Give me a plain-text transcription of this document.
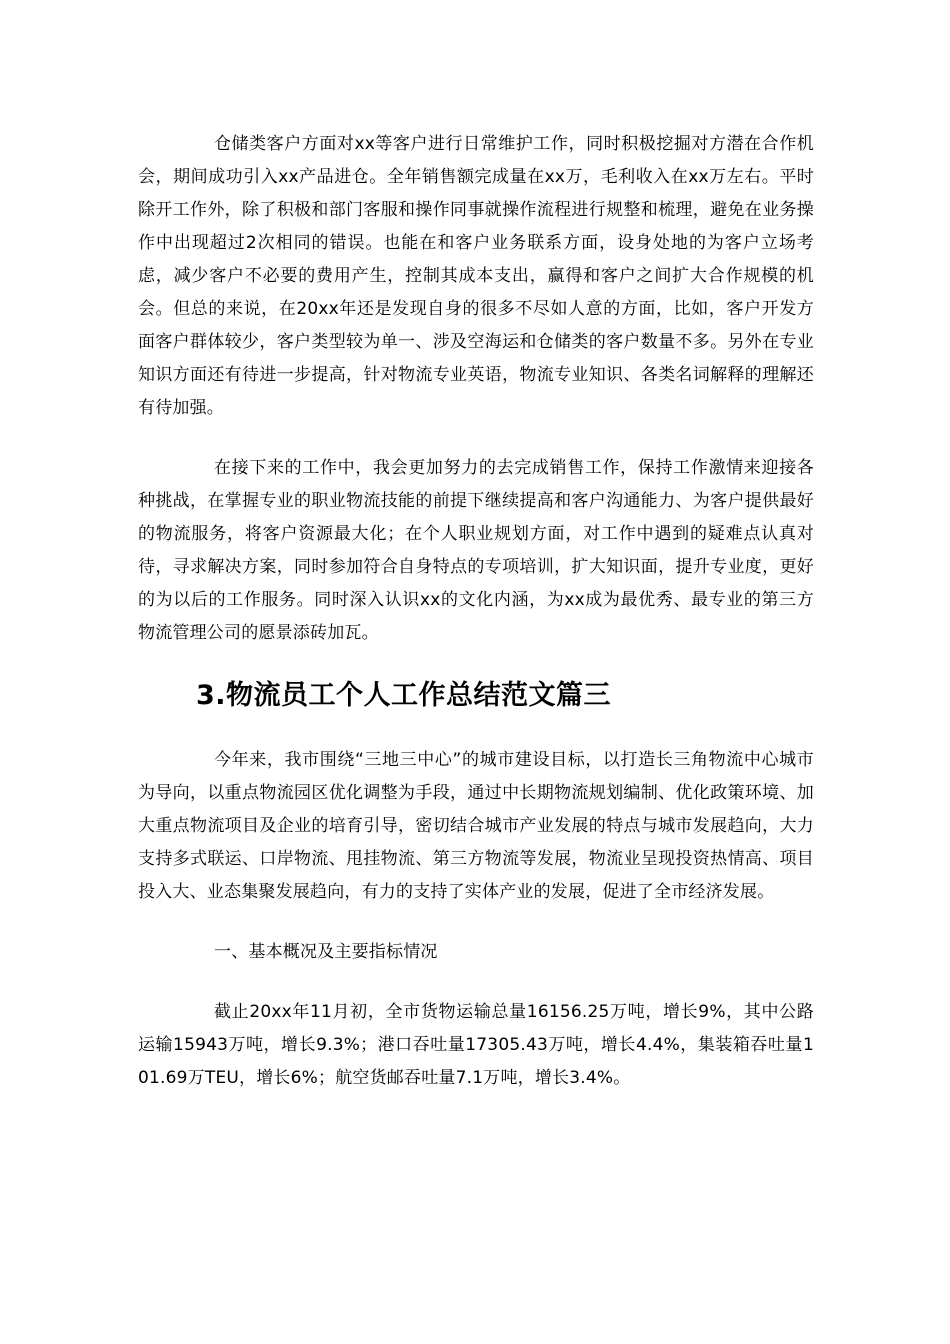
仓储类客户方面对xx等客户进行日常维护工作，同时积极挖掘对方潜在合作机会，期间成功引入xx产品进仓。全年销售额完成量在xx万，毛利收入在xx万左右。平时除开工作外，除了积极和部门客服和操作同事就操作流程进行规整和梳理，避免在业务操作中出现超过2次相同的错误。也能在和客户业务联系方面，设身处地的为客户立场考虑，减少客户不必要的费用产生，控制其成本支出，赢得和客户之间扩大合作规模的机会。但总的来说，在20xx年还是发现自身的很多不尽如人意的方面，比如，客户开发方面客户群体较少，客户类型较为单一、涉及空海运和仓储类的客户数量不多。另外在专业知识方面还有待进一步提高，针对物流专业英语，物流专业知识、各类名词解释的理解还有待加强。

在接下来的工作中，我会更加努力的去完成销售工作，保持工作激情来迎接各种挑战，在掌握专业的职业物流技能的前提下继续提高和客户沟通能力、为客户提供最好的物流服务，将客户资源最大化；在个人职业规划方面，对工作中遇到的疑难点认真对待，寻求解决方案，同时参加符合自身特点的专项培训，扩大知识面，提升专业度，更好的为以后的工作服务。同时深入认识xx的文化内涵，为xx成为最优秀、最专业的第三方物流管理公司的愿景添砖加瓦。

3.物流员工个人工作总结范文篇三

今年来，我市围绕“三地三中心”的城市建设目标，以打造长三角物流中心城市为导向，以重点物流园区优化调整为手段，通过中长期物流规划编制、优化政策环境、加大重点物流项目及企业的培育引导，密切结合城市产业发展的特点与城市发展趋向，大力支持多式联运、口岸物流、甩挂物流、第三方物流等发展，物流业呈现投资热情高、项目投入大、业态集聚发展趋向，有力的支持了实体产业的发展，促进了全市经济发展。

一、基本概况及主要指标情况

截止20xx年11月初，全市货物运输总量16156.25万吨，增长9%，其中公路运输15943万吨，增长9.3%；港口吞吐量17305.43万吨，增长4.4%，集装箱吞吐量101.69万TEU，增长6%；航空货邮吞吐量7.1万吨，增长3.4%。
